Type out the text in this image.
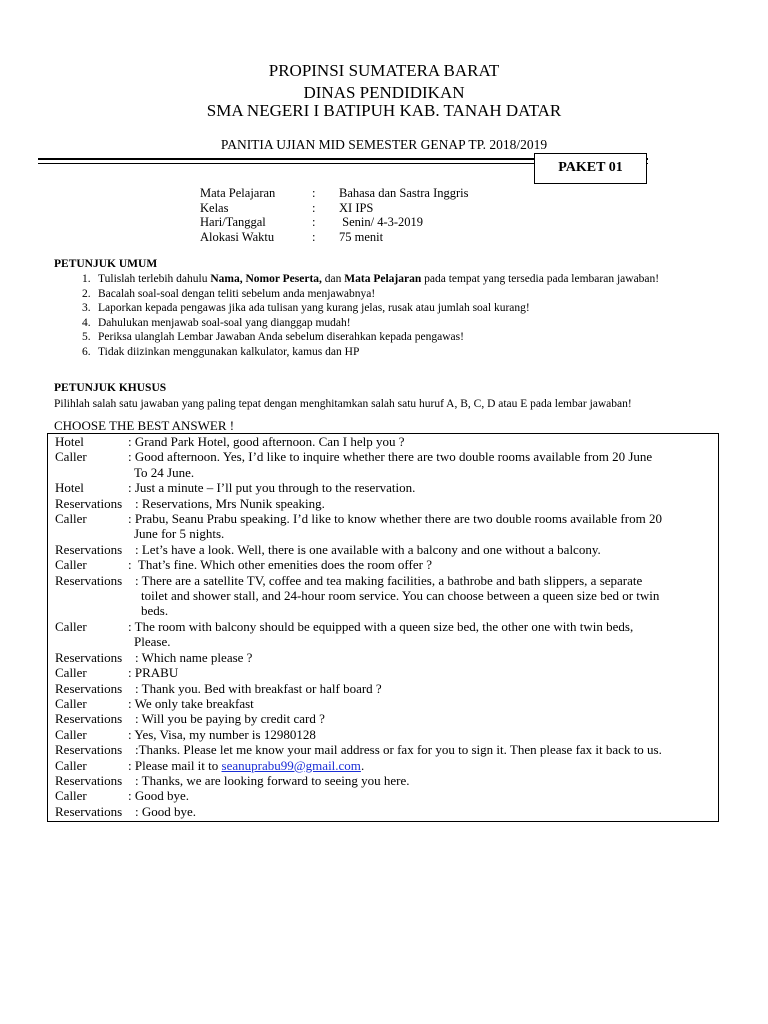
PROPINSI SUMATERA BARAT
DINAS PENDIDIKAN
SMA NEGERI I BATIPUH KAB. TANAH DATAR
PANITIA UJIAN MID SEMESTER GENAP TP. 2018/2019
PAKET 01
Mata Pelajaran	:	Bahasa dan Sastra Inggris
Kelas	:	XI IPS
Hari/Tanggal	:	Senin/ 4-3-2019
Alokasi Waktu	:	75 menit
PETUNJUK UMUM
1. Tulislah terlebih dahulu Nama, Nomor Peserta, dan Mata Pelajaran pada tempat yang tersedia pada lembaran jawaban!
2. Bacalah soal-soal dengan teliti sebelum anda menjawabnya!
3. Laporkan kepada pengawas jika ada tulisan yang kurang jelas, rusak atau jumlah soal kurang!
4. Dahulukan menjawab soal-soal yang dianggap mudah!
5. Periksa ulanglah Lembar Jawaban Anda sebelum diserahkan kepada pengawas!
6. Tidak diizinkan menggunakan kalkulator, kamus dan HP
PETUNJUK KHUSUS
Pilihlah salah satu jawaban yang paling tepat dengan menghitamkan salah satu huruf A, B, C, D atau E pada lembar jawaban!
CHOOSE THE BEST ANSWER !
Hotel	: Grand Park Hotel, good afternoon. Can I help you ?
Caller	: Good afternoon. Yes, I’d like to inquire whether there are two double rooms available from 20 June
To 24 June.
Hotel	: Just a minute – I’ll put you through to the reservation.
Reservations : Reservations, Mrs Nunik speaking.
Caller	: Prabu, Seanu Prabu speaking. I’d like to know whether there are two double rooms available from 20
June for 5 nights.
Reservations : Let’s have a look. Well, there is one available with a balcony and one without a balcony.
Caller	:  That’s fine. Which other emenities does the room offer ?
Reservations : There are a satellite TV, coffee and tea making facilities, a bathrobe and bath slippers, a separate
toilet and shower stall, and 24-hour room service. You can choose between a queen size bed or twin
beds.
Caller	: The room with balcony should be equipped with a queen size bed, the other one with twin beds,
Please.
Reservations : Which name please ?
Caller	: PRABU
Reservations : Thank you. Bed with breakfast or half board ?
Caller	: We only take breakfast
Reservations : Will you be paying by credit card ?
Caller	: Yes, Visa, my number is 12980128
Reservations :Thanks. Please let me know your mail address or fax for you to sign it. Then please fax it back to us.
Caller	: Please mail it to seanuprabu99@gmail.com.
Reservations : Thanks, we are looking forward to seeing you here.
Caller	: Good bye.
Reservations : Good bye.
